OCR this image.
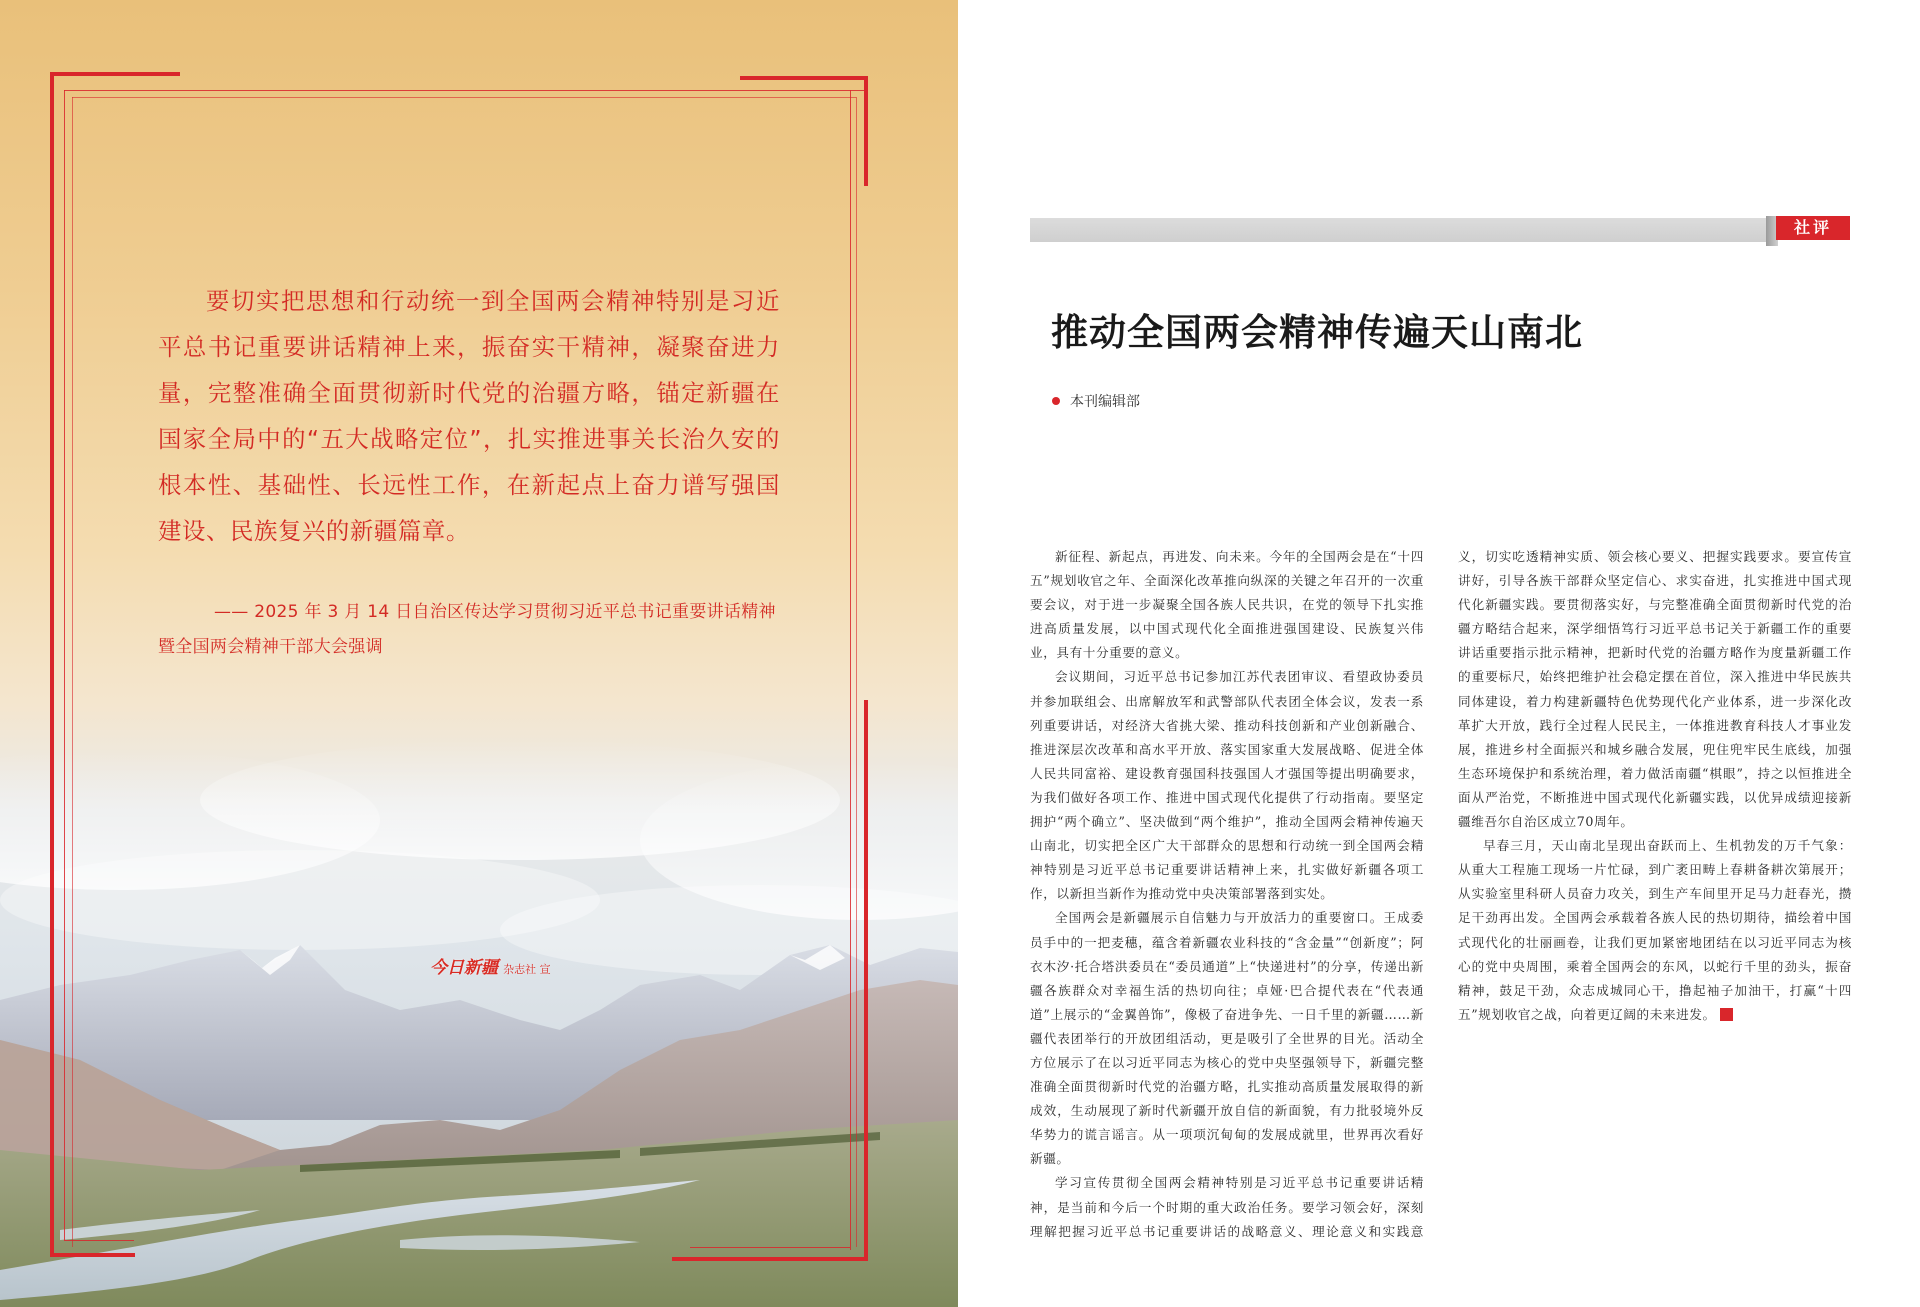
要切实把思想和行动统一到全国两会精神特别是习近平总书记重要讲话精神上来，振奋实干精神，凝聚奋进力量，完整准确全面贯彻新时代党的治疆方略，锚定新疆在国家全局中的“五大战略定位”，扎实推进事关长治久安的根本性、基础性、长远性工作，在新起点上奋力谱写强国建设、民族复兴的新疆篇章。

—— 2025 年 3 月 14 日自治区传达学习贯彻习近平总书记重要讲话精神暨全国两会精神干部大会强调

今日新疆 杂志社 宣
社评
推动全国两会精神传遍天山南北
本刊编辑部

新征程、新起点，再进发、向未来。今年的全国两会是在“十四五”规划收官之年、全面深化改革推向纵深的关键之年召开的一次重要会议，对于进一步凝聚全国各族人民共识，在党的领导下扎实推进高质量发展，以中国式现代化全面推进强国建设、民族复兴伟业，具有十分重要的意义。

会议期间，习近平总书记参加江苏代表团审议、看望政协委员并参加联组会、出席解放军和武警部队代表团全体会议，发表一系列重要讲话，对经济大省挑大梁、推动科技创新和产业创新融合、推进深层次改革和高水平开放、落实国家重大发展战略、促进全体人民共同富裕、建设教育强国科技强国人才强国等提出明确要求，为我们做好各项工作、推进中国式现代化提供了行动指南。要坚定拥护“两个确立”、坚决做到“两个维护”，推动全国两会精神传遍天山南北，切实把全区广大干部群众的思想和行动统一到全国两会精神特别是习近平总书记重要讲话精神上来，扎实做好新疆各项工作，以新担当新作为推动党中央决策部署落到实处。

全国两会是新疆展示自信魅力与开放活力的重要窗口。王成委员手中的一把麦穗，蕴含着新疆农业科技的“含金量”“创新度”；阿衣木汐·托合塔洪委员在“委员通道”上“快递进村”的分享，传递出新疆各族群众对幸福生活的热切向往；卓娅·巴合提代表在“代表通道”上展示的“金翼兽饰”，像极了奋进争先、一日千里的新疆……新疆代表团举行的开放团组活动，更是吸引了全世界的目光。活动全方位展示了在以习近平同志为核心的党中央坚强领导下，新疆完整准确全面贯彻新时代党的治疆方略，扎实推动高质量发展取得的新成效，生动展现了新时代新疆开放自信的新面貌，有力批驳境外反华势力的谎言谣言。从一项项沉甸甸的发展成就里，世界再次看好新疆。

学习宣传贯彻全国两会精神特别是习近平总书记重要讲话精神，是当前和今后一个时期的重大政治任务。要学习领会好，深刻理解把握习近平总书记重要讲话的战略意义、理论意义和实践意义，切实吃透精神实质、领会核心要义、把握实践要求。要宣传宣讲好，引导各族干部群众坚定信心、求实奋进，扎实推进中国式现代化新疆实践。要贯彻落实好，与完整准确全面贯彻新时代党的治疆方略结合起来，深学细悟笃行习近平总书记关于新疆工作的重要讲话重要指示批示精神，把新时代党的治疆方略作为度量新疆工作的重要标尺，始终把维护社会稳定摆在首位，深入推进中华民族共同体建设，着力构建新疆特色优势现代化产业体系，进一步深化改革扩大开放，践行全过程人民民主，一体推进教育科技人才事业发展，推进乡村全面振兴和城乡融合发展，兜住兜牢民生底线，加强生态环境保护和系统治理，着力做活南疆“棋眼”，持之以恒推进全面从严治党，不断推进中国式现代化新疆实践，以优异成绩迎接新疆维吾尔自治区成立70周年。

早春三月，天山南北呈现出奋跃而上、生机勃发的万千气象：从重大工程施工现场一片忙碌，到广袤田畴上春耕备耕次第展开；从实验室里科研人员奋力攻关，到生产车间里开足马力赶春光，攒足干劲再出发。全国两会承载着各族人民的热切期待，描绘着中国式现代化的壮丽画卷，让我们更加紧密地团结在以习近平同志为核心的党中央周围，乘着全国两会的东风，以蛇行千里的劲头，振奋精神，鼓足干劲，众志成城同心干，撸起袖子加油干，打赢“十四五”规划收官之战，向着更辽阔的未来进发。
